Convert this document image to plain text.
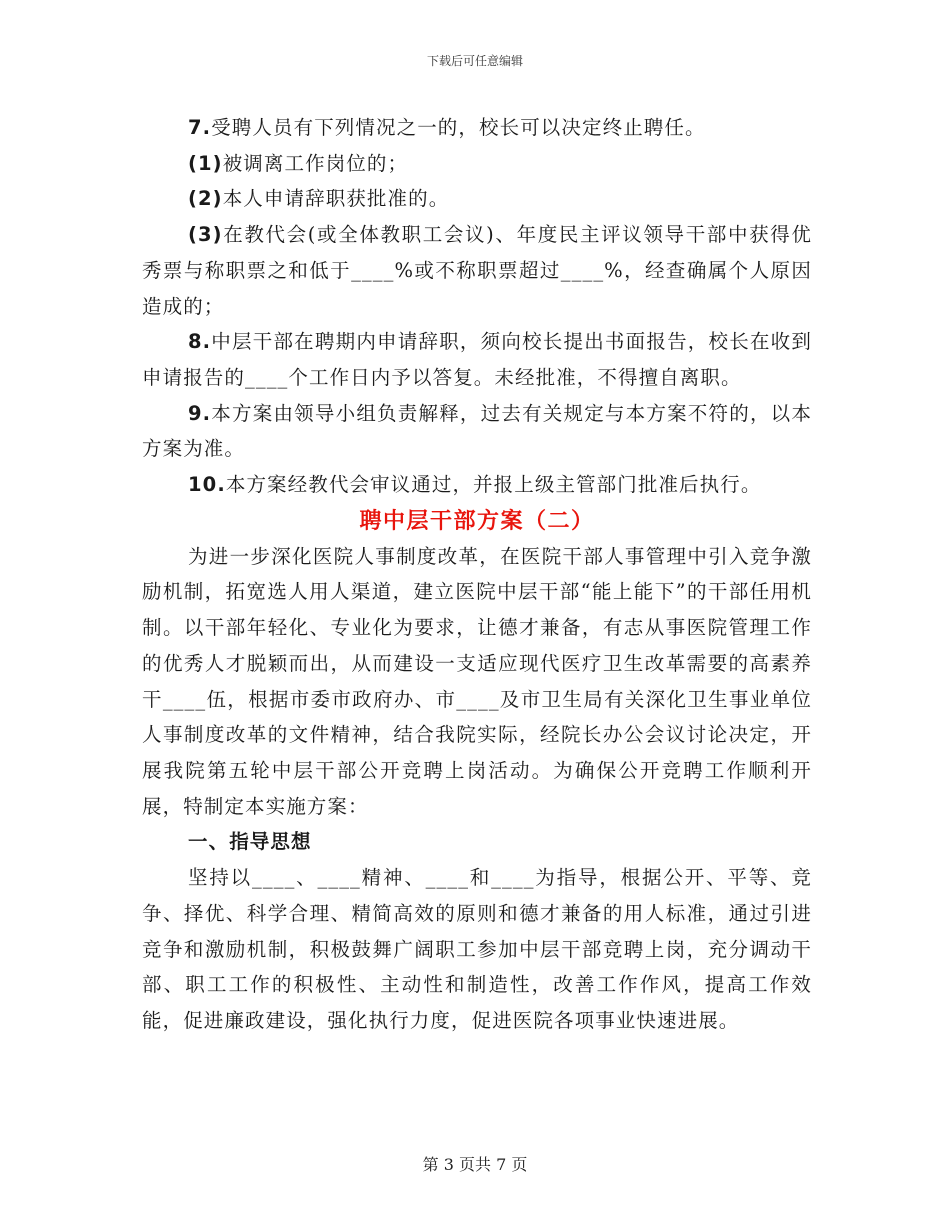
下载后可任意编辑

7.受聘人员有下列情况之一的，校长可以决定终止聘任。

(1)被调离工作岗位的；

(2)本人申请辞职获批准的。

(3)在教代会(或全体教职工会议)、年度民主评议领导干部中获得优秀票与称职票之和低于____%或不称职票超过____%，经查确属个人原因造成的；

8.中层干部在聘期内申请辞职，须向校长提出书面报告，校长在收到申请报告的____个工作日内予以答复。未经批准，不得擅自离职。

9.本方案由领导小组负责解释，过去有关规定与本方案不符的，以本方案为准。

10.本方案经教代会审议通过，并报上级主管部门批准后执行。

聘中层干部方案（二）

为进一步深化医院人事制度改革，在医院干部人事管理中引入竞争激励机制，拓宽选人用人渠道，建立医院中层干部“能上能下”的干部任用机制。以干部年轻化、专业化为要求，让德才兼备，有志从事医院管理工作的优秀人才脱颖而出，从而建设一支适应现代医疗卫生改革需要的高素养干____伍，根据市委市政府办、市____及市卫生局有关深化卫生事业单位人事制度改革的文件精神，结合我院实际，经院长办公会议讨论决定，开展我院第五轮中层干部公开竞聘上岗活动。为确保公开竞聘工作顺利开展，特制定本实施方案：

一、指导思想

坚持以____、____精神、____和____为指导，根据公开、平等、竞争、择优、科学合理、精简高效的原则和德才兼备的用人标准，通过引进竞争和激励机制，积极鼓舞广阔职工参加中层干部竞聘上岗，充分调动干部、职工工作的积极性、主动性和制造性，改善工作作风，提高工作效能，促进廉政建设，强化执行力度，促进医院各项事业快速进展。

第 3 页共 7 页
